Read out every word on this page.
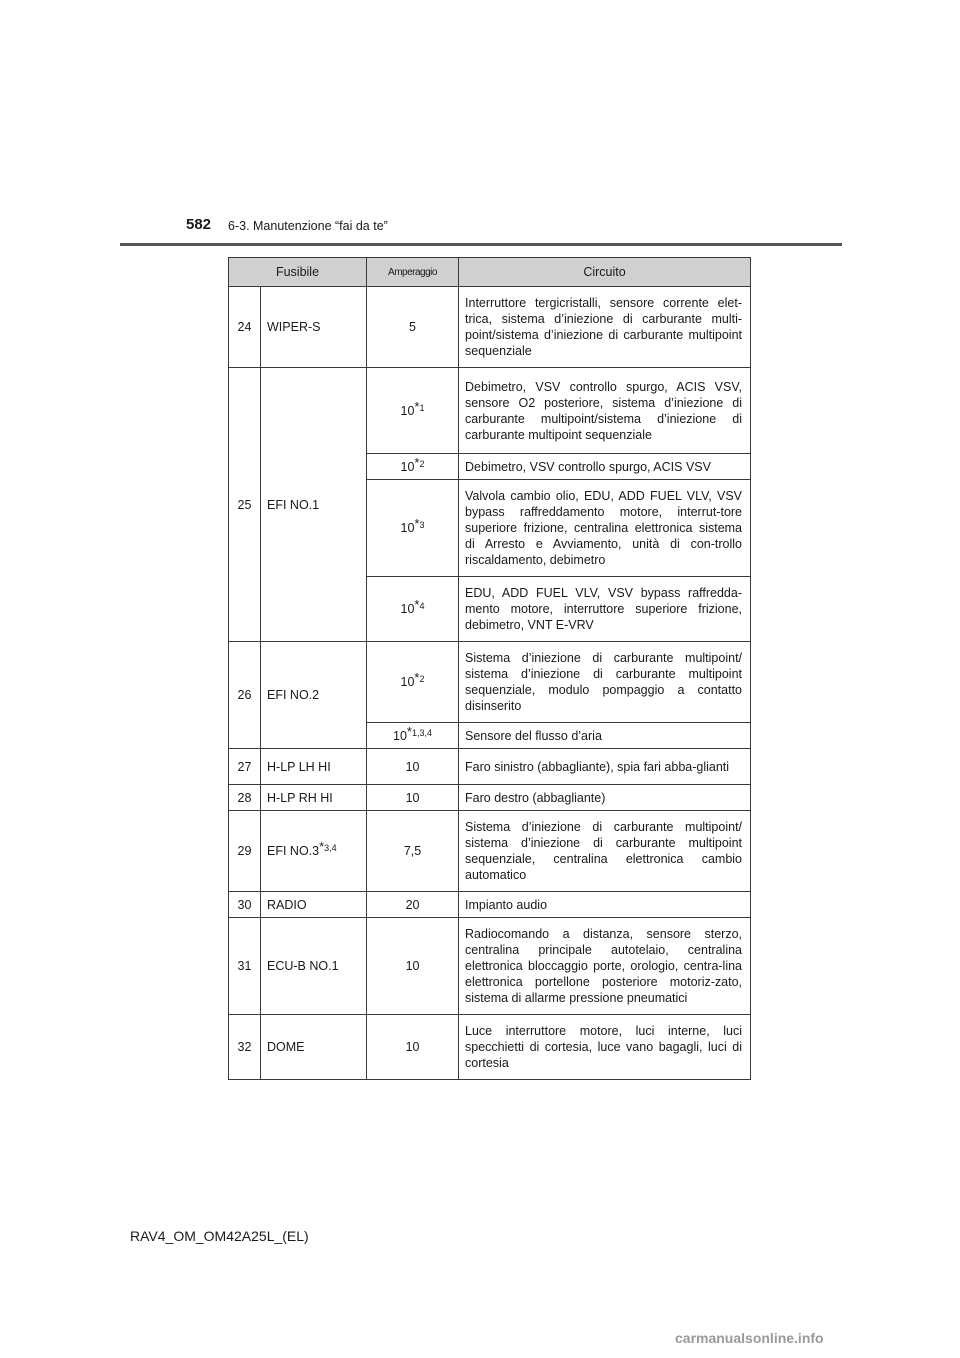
582 6-3. Manutenzione “fai da te”
Fusibile		Amperaggio	Circuito
24	WIPER-S	5	Interruttore tergicristalli, sensore corrente elet-trica, sistema d’iniezione di carburante multi-point/sistema d’iniezione di carburante multipoint sequenziale
25	EFI NO.1	10$^{*1}$	Debimetro, VSV controllo spurgo, ACIS VSV, sensore O2 posteriore, sistema d’iniezione di carburante multipoint/sistema d’iniezione di carburante multipoint sequenziale
		10$^{*2}$	Debimetro, VSV controllo spurgo, ACIS VSV
		10$^{*3}$	Valvola cambio olio, EDU, ADD FUEL VLV, VSV bypass raffreddamento motore, interrut-tore superiore frizione, centralina elettronica sistema di Arresto e Avviamento, unità di con-trollo riscaldamento, debimetro
		10$^{*4}$	EDU, ADD FUEL VLV, VSV bypass raffredda-mento motore, interruttore superiore frizione, debimetro, VNT E-VRV
26	EFI NO.2	10$^{*2}$	Sistema d’iniezione di carburante multipoint/ sistema d’iniezione di carburante multipoint sequenziale, modulo pompaggio a contatto disinserito
		10$^{*1,3,4}$	Sensore del flusso d’aria
27	H-LP LH HI	10	Faro sinistro (abbagliante), spia fari abba-glianti
28	H-LP RH HI	10	Faro destro (abbagliante)
29	EFI NO.3$^{*3,4}$	7,5	Sistema d’iniezione di carburante multipoint/ sistema d’iniezione di carburante multipoint sequenziale, centralina elettronica cambio automatico
30	RADIO	20	Impianto audio
31	ECU-B NO.1	10	Radiocomando a distanza, sensore sterzo, centralina principale autotelaio, centralina elettronica bloccaggio porte, orologio, centra-lina elettronica portellone posteriore motoriz-zato, sistema di allarme pressione pneumatici
32	DOME	10	Luce interruttore motore, luci interne, luci specchietti di cortesia, luce vano bagagli, luci di cortesia
RAV4_OM_OM42A25L_(EL)
carmanualsonline.info
